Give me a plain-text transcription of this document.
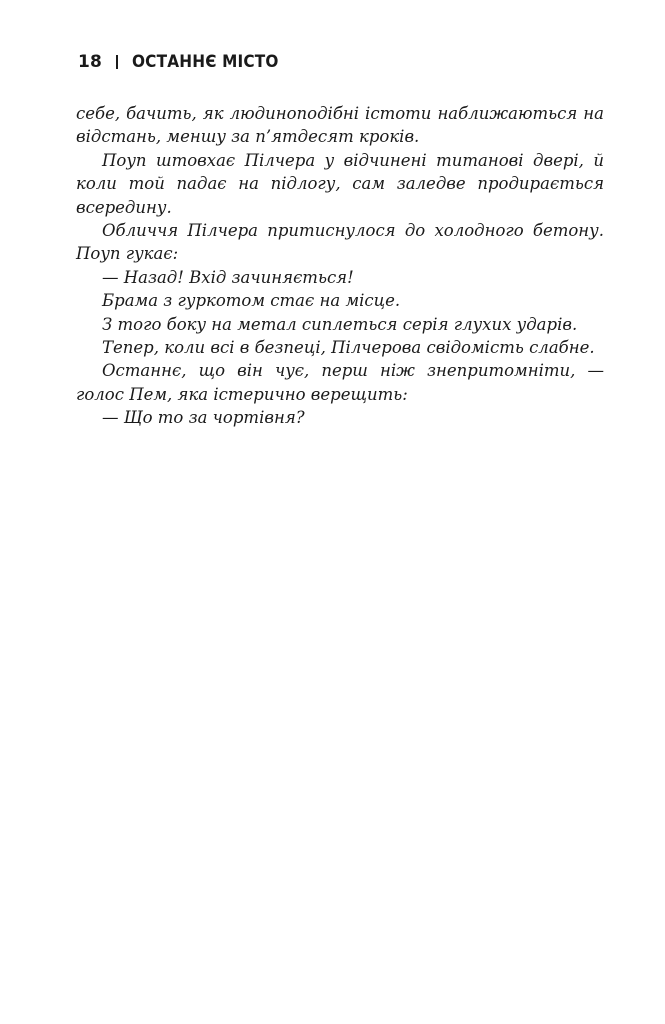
18 ОСТАННЄ МІСТО

себе, бачить, як людиноподібні істоти наближаються на відстань, меншу за п’ятдесят кроків.

Поуп штовхає Пілчера у відчинені титанові двері, й коли той падає на підлогу, сам заледве продирається всередину.

Обличчя Пілчера притиснулося до холодного бетону. Поуп гукає:

— Назад! Вхід зачиняється!

Брама з гуркотом стає на місце.

З того боку на метал сиплеться серія глухих ударів.

Тепер, коли всі в безпеці, Пілчерова свідомість слабне.

Останнє, що він чує, перш ніж знепритомніти, — голос Пем, яка істерично верещить:

— Що то за чортівня?
